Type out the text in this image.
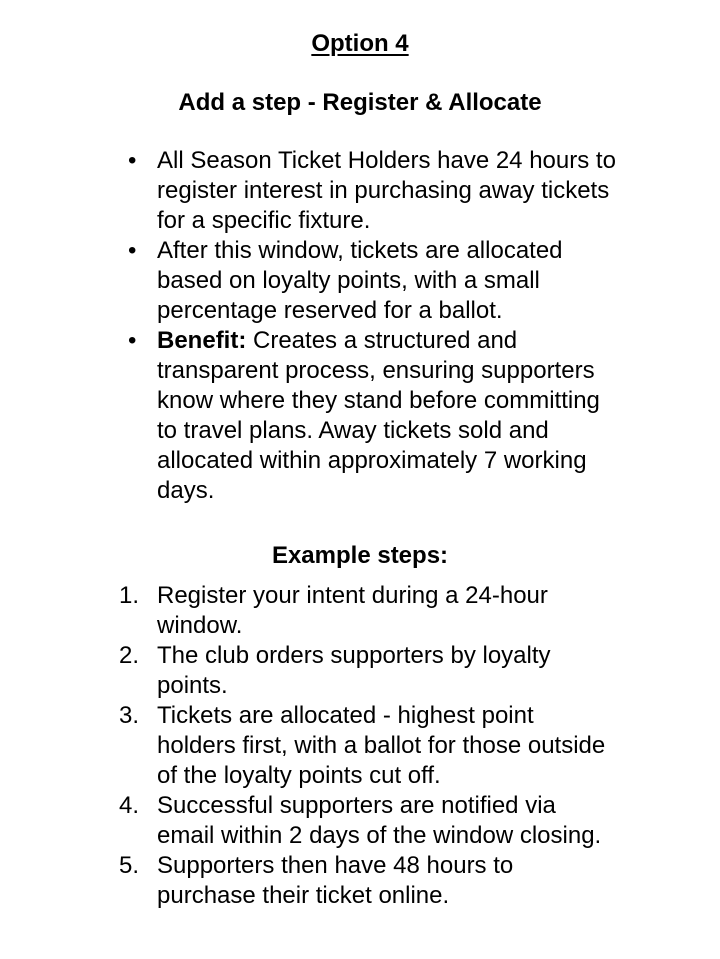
Option 4
Add a step - Register & Allocate
• All Season Ticket Holders have 24 hours to register interest in purchasing away tickets for a specific fixture.
• After this window, tickets are allocated based on loyalty points, with a small percentage reserved for a ballot.
• Benefit: Creates a structured and transparent process, ensuring supporters know where they stand before committing to travel plans. Away tickets sold and allocated within approximately 7 working days.
Example steps:
1. Register your intent during a 24-hour window.
2. The club orders supporters by loyalty points.
3. Tickets are allocated - highest point holders first, with a ballot for those outside of the loyalty points cut off.
4. Successful supporters are notified via email within 2 days of the window closing.
5. Supporters then have 48 hours to purchase their ticket online.
